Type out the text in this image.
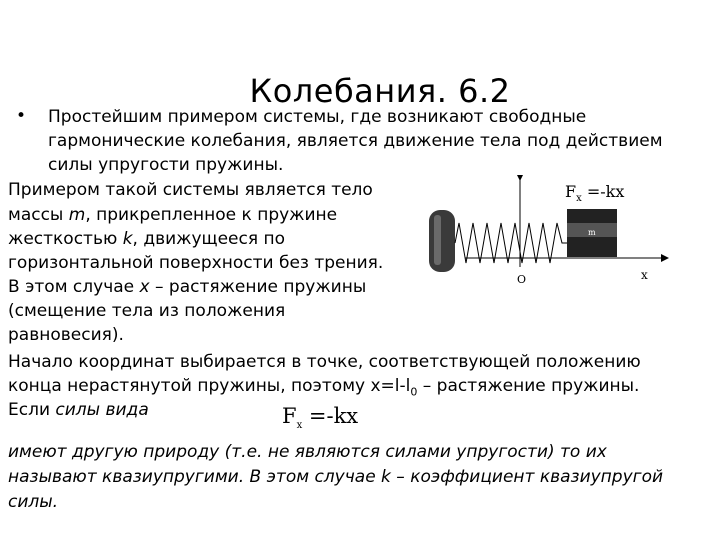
Колебания. 6.2
• Простейшим примером системы, где возникают свободные
гармонические колебания, является движение тела под действием
силы упругости пружины.
Примером такой системы является тело
массы m, прикрепленное к пружине
жесткостью k, движущееся по
горизонтальной поверхности без трения.
В этом случае x – растяжение пружины
(смещение тела из положения
равновесия).
$F_x =-kx$
m
O	x
Начало координат выбирается в точке, соответствующей положению
конца нерастянутой пружины, поэтому $x=l-l_0$ – растяжение пружины.
Если силы вида	$F_x =-kx$
имеют другую природу (т.е. не являются силами упругости) то их
называют квазиупругими. В этом случае k – коэффициент квазиупругой
силы.
